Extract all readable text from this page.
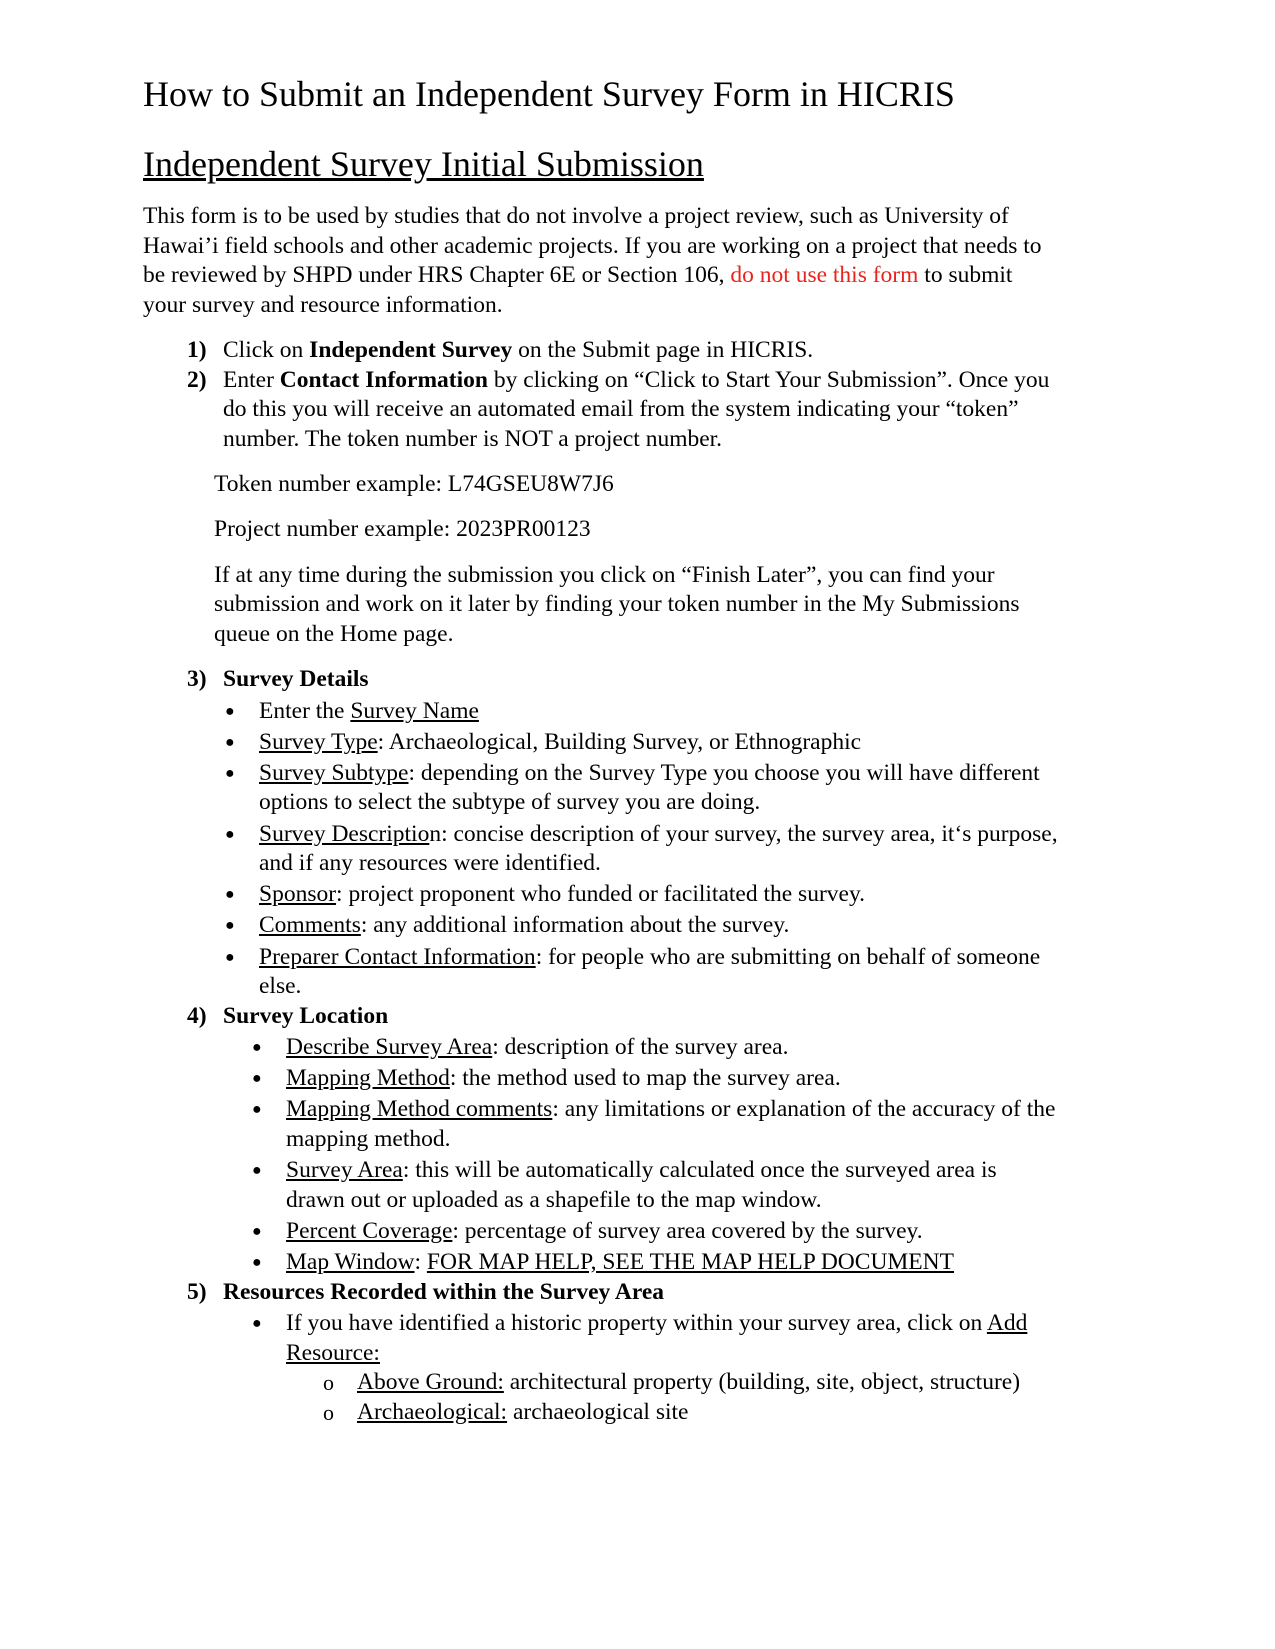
How to Submit an Independent Survey Form in HICRIS
Independent Survey Initial Submission
This form is to be used by studies that do not involve a project review, such as University of
Hawai’i field schools and other academic projects. If you are working on a project that needs to
be reviewed by SHPD under HRS Chapter 6E or Section 106, do not use this form to submit
your survey and resource information.
1) Click on Independent Survey on the Submit page in HICRIS.
2) Enter Contact Information by clicking on “Click to Start Your Submission”. Once you
do this you will receive an automated email from the system indicating your “token”
number. The token number is NOT a project number.
Token number example: L74GSEU8W7J6
Project number example: 2023PR00123
If at any time during the submission you click on “Finish Later”, you can find your
submission and work on it later by finding your token number in the My Submissions
queue on the Home page.
3) Survey Details
● Enter the Survey Name
● Survey Type: Archaeological, Building Survey, or Ethnographic
● Survey Subtype: depending on the Survey Type you choose you will have different
options to select the subtype of survey you are doing.
● Survey Description: concise description of your survey, the survey area, it‘s purpose,
and if any resources were identified.
● Sponsor: project proponent who funded or facilitated the survey.
● Comments: any additional information about the survey.
● Preparer Contact Information: for people who are submitting on behalf of someone
else.
4) Survey Location
● Describe Survey Area: description of the survey area.
● Mapping Method: the method used to map the survey area.
● Mapping Method comments: any limitations or explanation of the accuracy of the
mapping method.
● Survey Area: this will be automatically calculated once the surveyed area is
drawn out or uploaded as a shapefile to the map window.
● Percent Coverage: percentage of survey area covered by the survey.
● Map Window: FOR MAP HELP, SEE THE MAP HELP DOCUMENT
5) Resources Recorded within the Survey Area
● If you have identified a historic property within your survey area, click on Add
Resource:
o Above Ground: architectural property (building, site, object, structure)
o Archaeological: archaeological site
